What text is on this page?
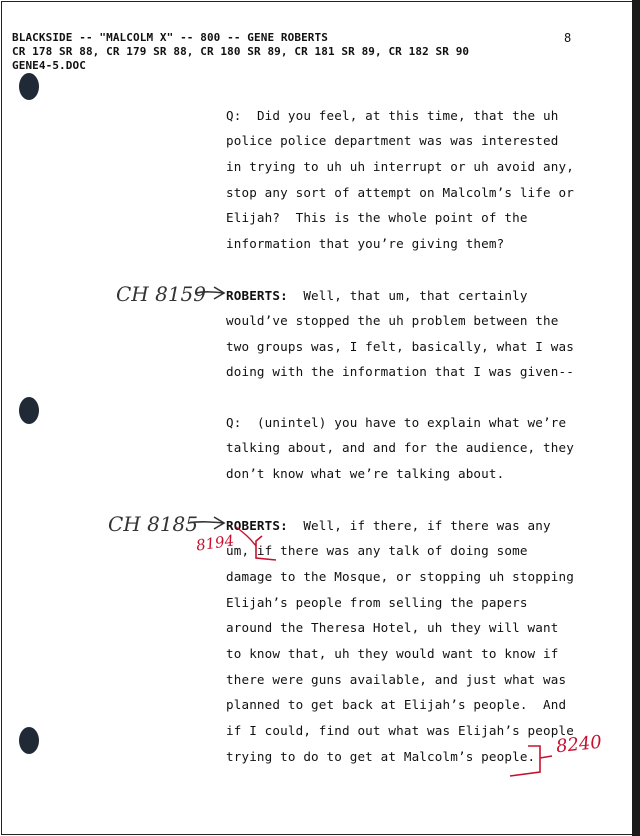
BLACKSIDE -- "MALCOLM X" -- 800 -- GENE ROBERTS	8
CR 178 SR 88, CR 179 SR 88, CR 180 SR 89, CR 181 SR 89, CR 182 SR 90
GENE4-5.DOC
Q: Did you feel, at this time, that the uh
police police department was was interested
in trying to uh uh interrupt or uh avoid any,
stop any sort of attempt on Malcolm’s life or
Elijah?  This is the whole point of the
information that you’re giving them?
ROBERTS: Well, that um, that certainly
would’ve stopped the uh problem between the
two groups was, I felt, basically, what I was
doing with the information that I was given--
Q: (unintel) you have to explain what we’re
talking about, and and for the audience, they
don’t know what we’re talking about.
ROBERTS: Well, if there, if there was any
um, if there was any talk of doing some
damage to the Mosque, or stopping uh stopping
Elijah’s people from selling the papers
around the Theresa Hotel, uh they will want
to know that, uh they would want to know if
there were guns available, and just what was
planned to get back at Elijah’s people.  And
if I could, find out what was Elijah’s people
trying to do to get at Malcolm’s people.
CH 8159
CH 8185
8194
8240
